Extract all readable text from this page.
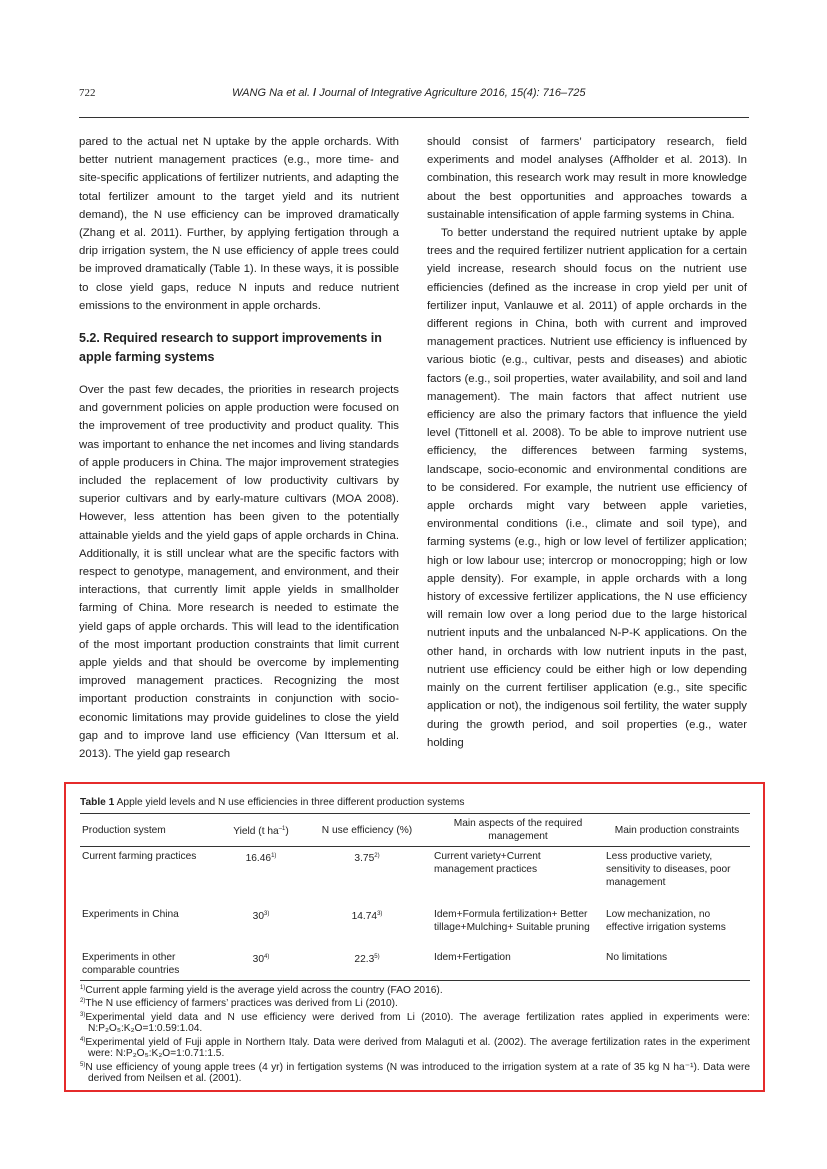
722	WANG Na et al. / Journal of Integrative Agriculture 2016, 15(4): 716–725

pared to the actual net N uptake by the apple orchards. With better nutrient management practices (e.g., more time- and site-specific applications of fertilizer nutrients, and adapting the total fertilizer amount to the target yield and its nutrient demand), the N use efficiency can be improved dramatically (Zhang et al. 2011). Further, by applying fertigation through a drip irrigation system, the N use efficiency of apple trees could be improved dramatically (Table 1). In these ways, it is possible to close yield gaps, reduce N inputs and reduce nutrient emissions to the environment in apple orchards.

5.2. Required research to support improvements in apple farming systems

Over the past few decades, the priorities in research projects and government policies on apple production were focused on the improvement of tree productivity and product quality. This was important to enhance the net incomes and living standards of apple producers in China. The major improvement strategies included the replacement of low productivity cultivars by superior cultivars and by early-mature cultivars (MOA 2008). However, less attention has been given to the potentially attainable yields and the yield gaps of apple orchards in China. Additionally, it is still unclear what are the specific factors with respect to genotype, management, and environment, and their interactions, that currently limit apple yields in smallholder farming of China. More research is needed to estimate the yield gaps of apple orchards. This will lead to the identification of the most important production constraints that limit current apple yields and that should be overcome by implementing improved management practices. Recognizing the most important production constraints in conjunction with socio-economic limitations may provide guidelines to close the yield gap and to improve land use efficiency (Van Ittersum et al. 2013). The yield gap research

should consist of farmers’ participatory research, field experiments and model analyses (Affholder et al. 2013). In combination, this research work may result in more knowledge about the best opportunities and approaches towards a sustainable intensification of apple farming systems in China.

To better understand the required nutrient uptake by apple trees and the required fertilizer nutrient application for a certain yield increase, research should focus on the nutrient use efficiencies (defined as the increase in crop yield per unit of fertilizer input, Vanlauwe et al. 2011) of apple orchards in the different regions in China, both with current and improved management practices. Nutrient use efficiency is influenced by various biotic (e.g., cultivar, pests and diseases) and abiotic factors (e.g., soil properties, water availability, and soil and land management). The main factors that affect nutrient use efficiency are also the primary factors that influence the yield level (Tittonell et al. 2008). To be able to improve nutrient use efficiency, the differences between farming systems, landscape, socio-economic and environmental conditions are to be considered. For example, the nutrient use efficiency of apple orchards might vary between apple varieties, environmental conditions (i.e., climate and soil type), and farming systems (e.g., high or low level of fertilizer application; high or low labour use; intercrop or monocropping; high or low apple density). For example, in apple orchards with a long history of excessive fertilizer applications, the N use efficiency will remain low over a long period due to the large historical nutrient inputs and the unbalanced N-P-K applications. On the other hand, in orchards with low nutrient inputs in the past, nutrient use efficiency could be either high or low depending mainly on the current fertiliser application (e.g., site specific application or not), the indigenous soil fertility, the water supply during the growth period, and soil properties (e.g., water holding

Table 1 Apple yield levels and N use efficiencies in three different production systems

Production system	Yield (t $ha^{-1}$)	N use efficiency (%)	Main aspects of the required management	Main production constraints
Current farming practices	16.46$^{1)}$	3.75$^{2)}$	Current variety+Current management practices	Less productive variety, sensitivity to diseases, poor management
Experiments in China	30$^{3)}$	14.74$^{3)}$	Idem+Formula fertilization+ Better tillage+Mulching+ Suitable pruning	Low mechanization, no effective irrigation systems
Experiments in other comparable countries	30$^{4)}$	22.3$^{5)}$	Idem+Fertigation	No limitations

$^{1)}$Current apple farming yield is the average yield across the country (FAO 2016).

$^{2)}$The N use efficiency of farmers’ practices was derived from Li (2010).

$^{3)}$Experimental yield data and N use efficiency were derived from Li (2010). The average fertilization rates applied in experiments were: N:P₂O₅:K₂O=1:0.59:1.04.

$^{4)}$Experimental yield of Fuji apple in Northern Italy. Data were derived from Malaguti et al. (2002). The average fertilization rates in the experiment were: N:P₂O₅:K₂O=1:0.71:1.5.

$^{5)}$N use efficiency of young apple trees (4 yr) in fertigation systems (N was introduced to the irrigation system at a rate of 35 kg N ha⁻¹). Data were derived from Neilsen et al. (2001).
